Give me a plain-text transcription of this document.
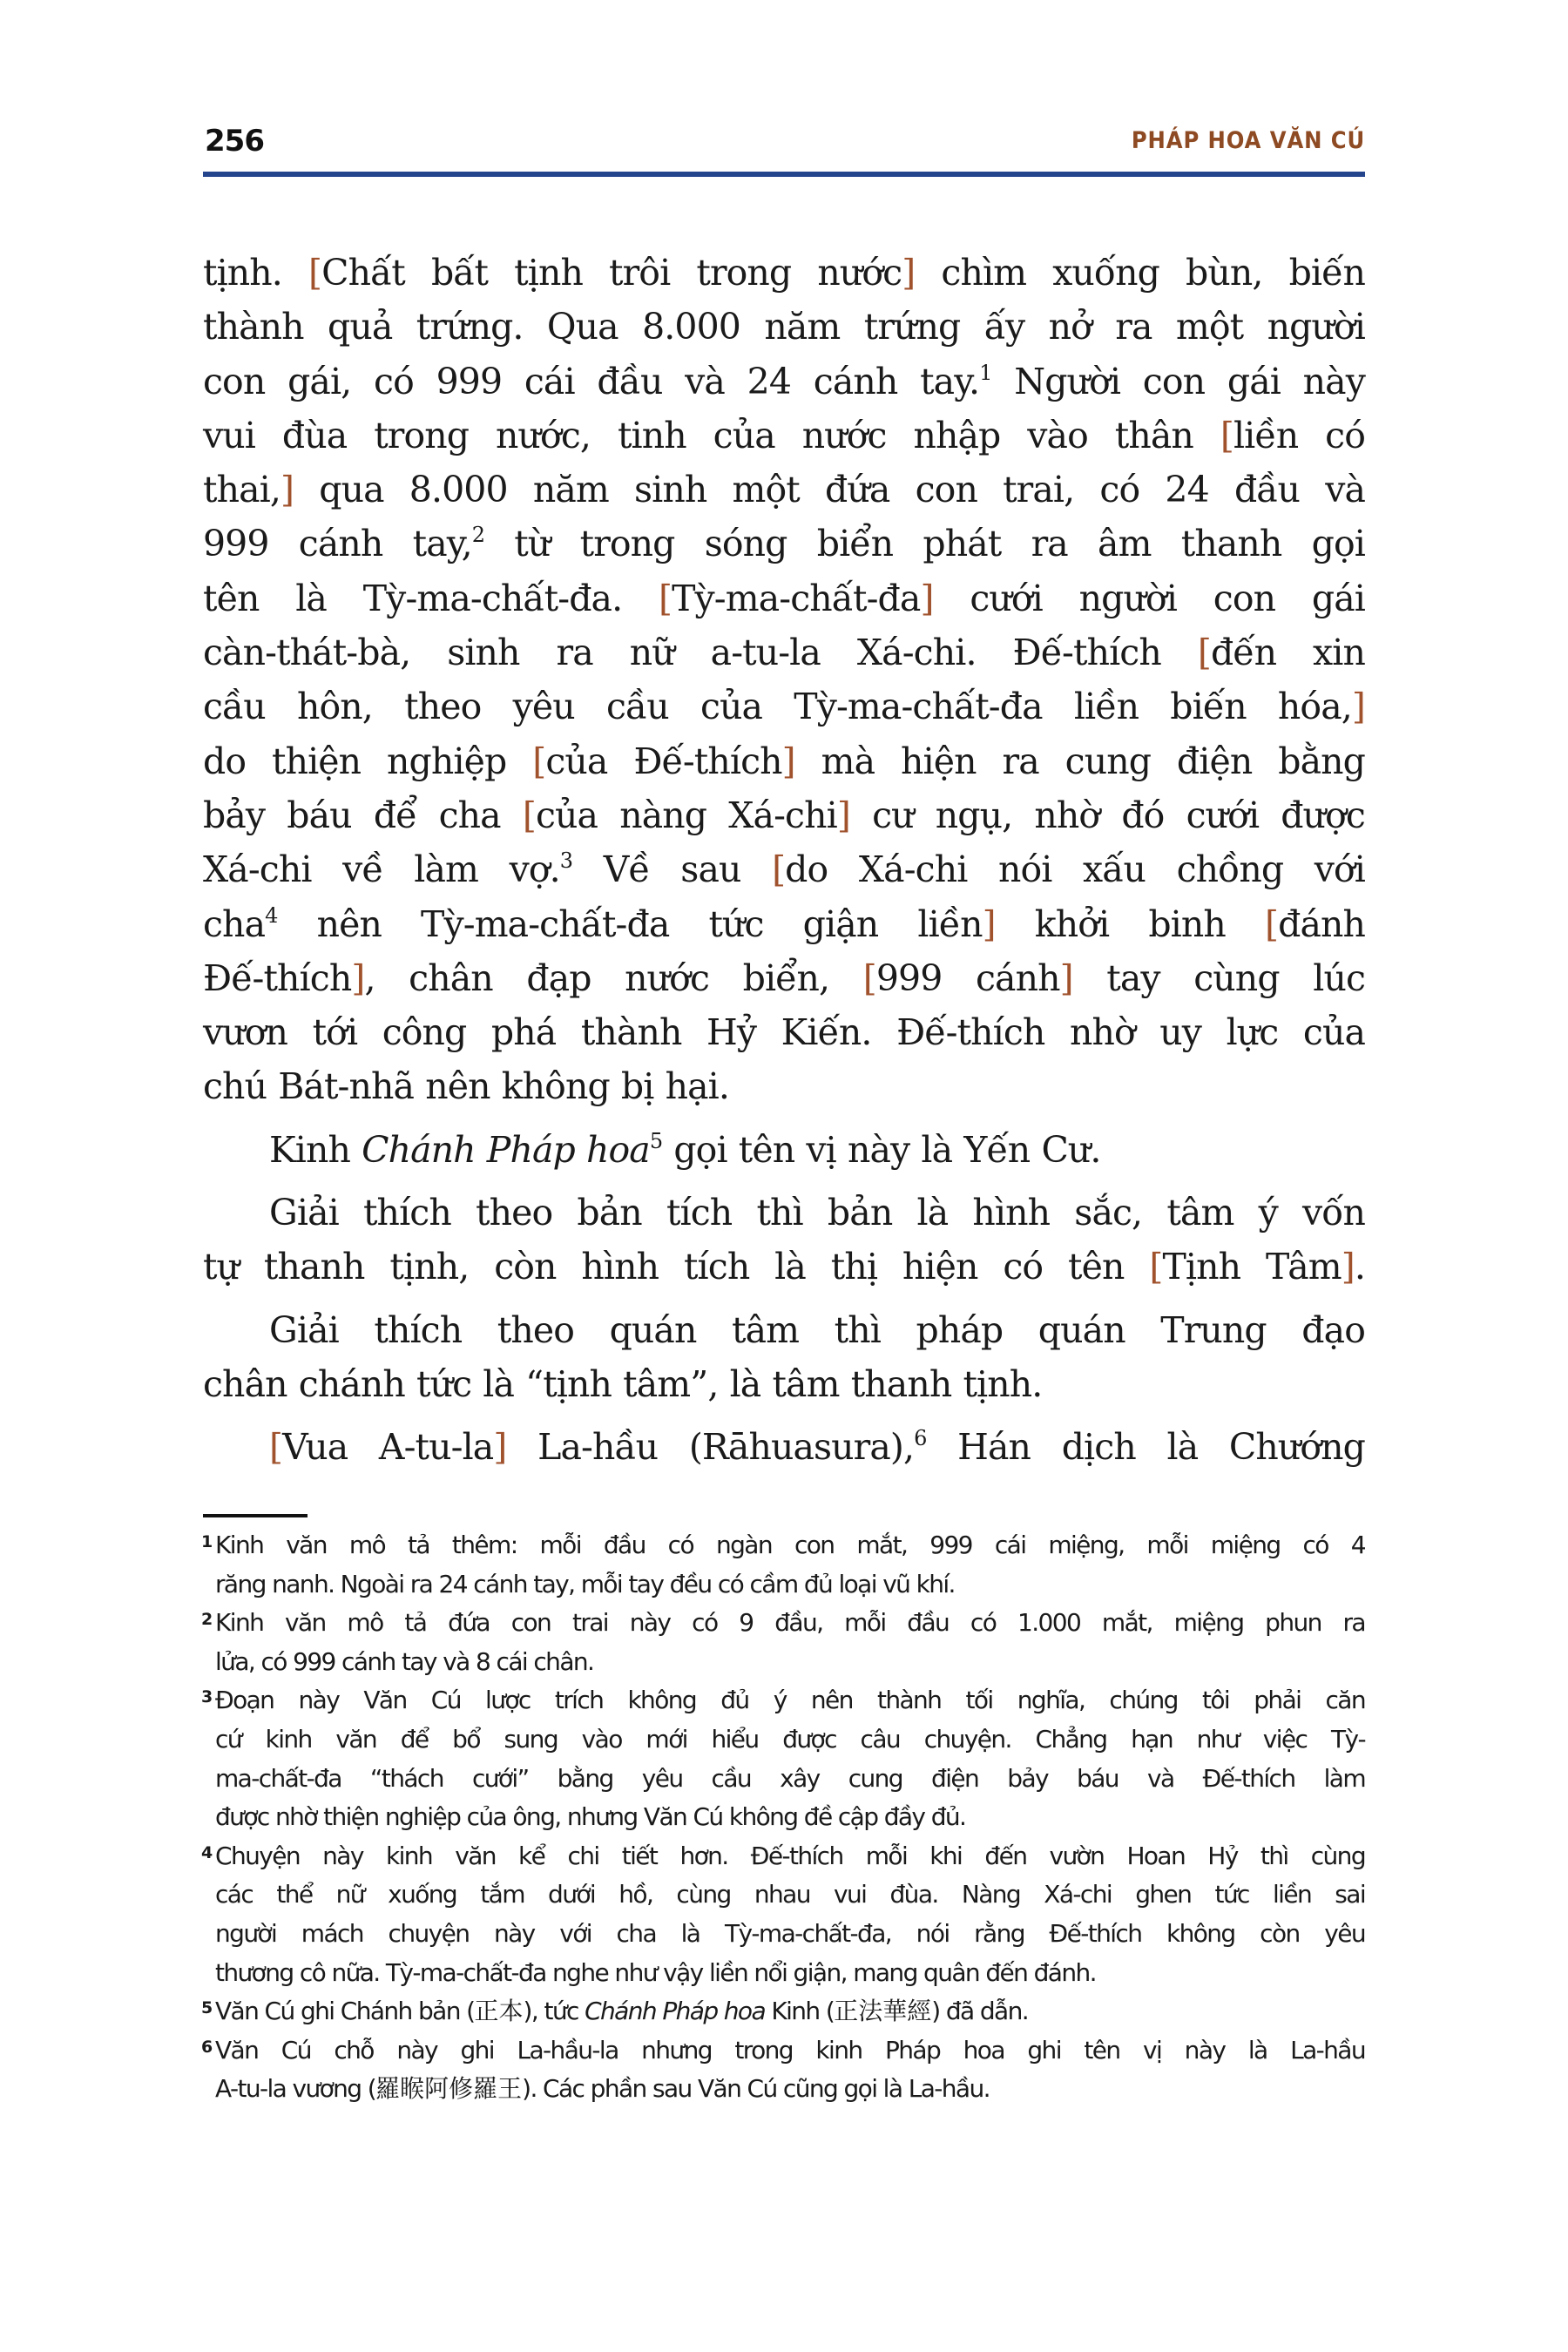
256	PHÁP HOA VĂN CÚ
tịnh. [Chất bất tịnh trôi trong nước] chìm xuống bùn, biến
thành quả trứng. Qua 8.000 năm trứng ấy nở ra một người
con gái, có 999 cái đầu và 24 cánh tay.$^1$ Người con gái này
vui đùa trong nước, tinh của nước nhập vào thân [liền có
thai,] qua 8.000 năm sinh một đứa con trai, có 24 đầu và
999 cánh tay,$^2$ từ trong sóng biển phát ra âm thanh gọi
tên là Tỳ-ma-chất-đa. [Tỳ-ma-chất-đa] cưới người con gái
càn-thát-bà, sinh ra nữ a-tu-la Xá-chi. Đế-thích [đến xin
cầu hôn, theo yêu cầu của Tỳ-ma-chất-đa liền biến hóa,]
do thiện nghiệp [của Đế-thích] mà hiện ra cung điện bằng
bảy báu để cha [của nàng Xá-chi] cư ngụ, nhờ đó cưới được
Xá-chi về làm vợ.$^3$ Về sau [do Xá-chi nói xấu chồng với
cha$^4$ nên Tỳ-ma-chất-đa tức giận liền] khởi binh [đánh
Đế-thích], chân đạp nước biển, [999 cánh] tay cùng lúc
vươn tới công phá thành Hỷ Kiến. Đế-thích nhờ uy lực của
chú Bát-nhã nên không bị hại.
Kinh Chánh Pháp hoa$^5$ gọi tên vị này là Yến Cư.
Giải thích theo bản tích thì bản là hình sắc, tâm ý vốn
tự thanh tịnh, còn hình tích là thị hiện có tên [Tịnh Tâm].
Giải thích theo quán tâm thì pháp quán Trung đạo
chân chánh tức là “tịnh tâm”, là tâm thanh tịnh.
[Vua A-tu-la] La-hầu (Rāhuasura),$^6$ Hán dịch là Chướng
1 Kinh văn mô tả thêm: mỗi đầu có ngàn con mắt, 999 cái miệng, mỗi miệng có 4
răng nanh. Ngoài ra 24 cánh tay, mỗi tay đều có cầm đủ loại vũ khí.
2 Kinh văn mô tả đứa con trai này có 9 đầu, mỗi đầu có 1.000 mắt, miệng phun ra
lửa, có 999 cánh tay và 8 cái chân.
3 Đoạn này Văn Cú lược trích không đủ ý nên thành tối nghĩa, chúng tôi phải căn
cứ kinh văn để bổ sung vào mới hiểu được câu chuyện. Chẳng hạn như việc Tỳ-
ma-chất-đa “thách cưới” bằng yêu cầu xây cung điện bảy báu và Đế-thích làm
được nhờ thiện nghiệp của ông, nhưng Văn Cú không đề cập đầy đủ.
4 Chuyện này kinh văn kể chi tiết hơn. Đế-thích mỗi khi đến vườn Hoan Hỷ thì cùng
các thể nữ xuống tắm dưới hồ, cùng nhau vui đùa. Nàng Xá-chi ghen tức liền sai
người mách chuyện này với cha là Tỳ-ma-chất-đa, nói rằng Đế-thích không còn yêu
thương cô nữa. Tỳ-ma-chất-đa nghe như vậy liền nổi giận, mang quân đến đánh.
5 Văn Cú ghi Chánh bản (正本), tức Chánh Pháp hoa Kinh (正法華經) đã dẫn.
6 Văn Cú chỗ này ghi La-hầu-la nhưng trong kinh Pháp hoa ghi tên vị này là La-hầu
A-tu-la vương (羅睺阿修羅王). Các phần sau Văn Cú cũng gọi là La-hầu.
